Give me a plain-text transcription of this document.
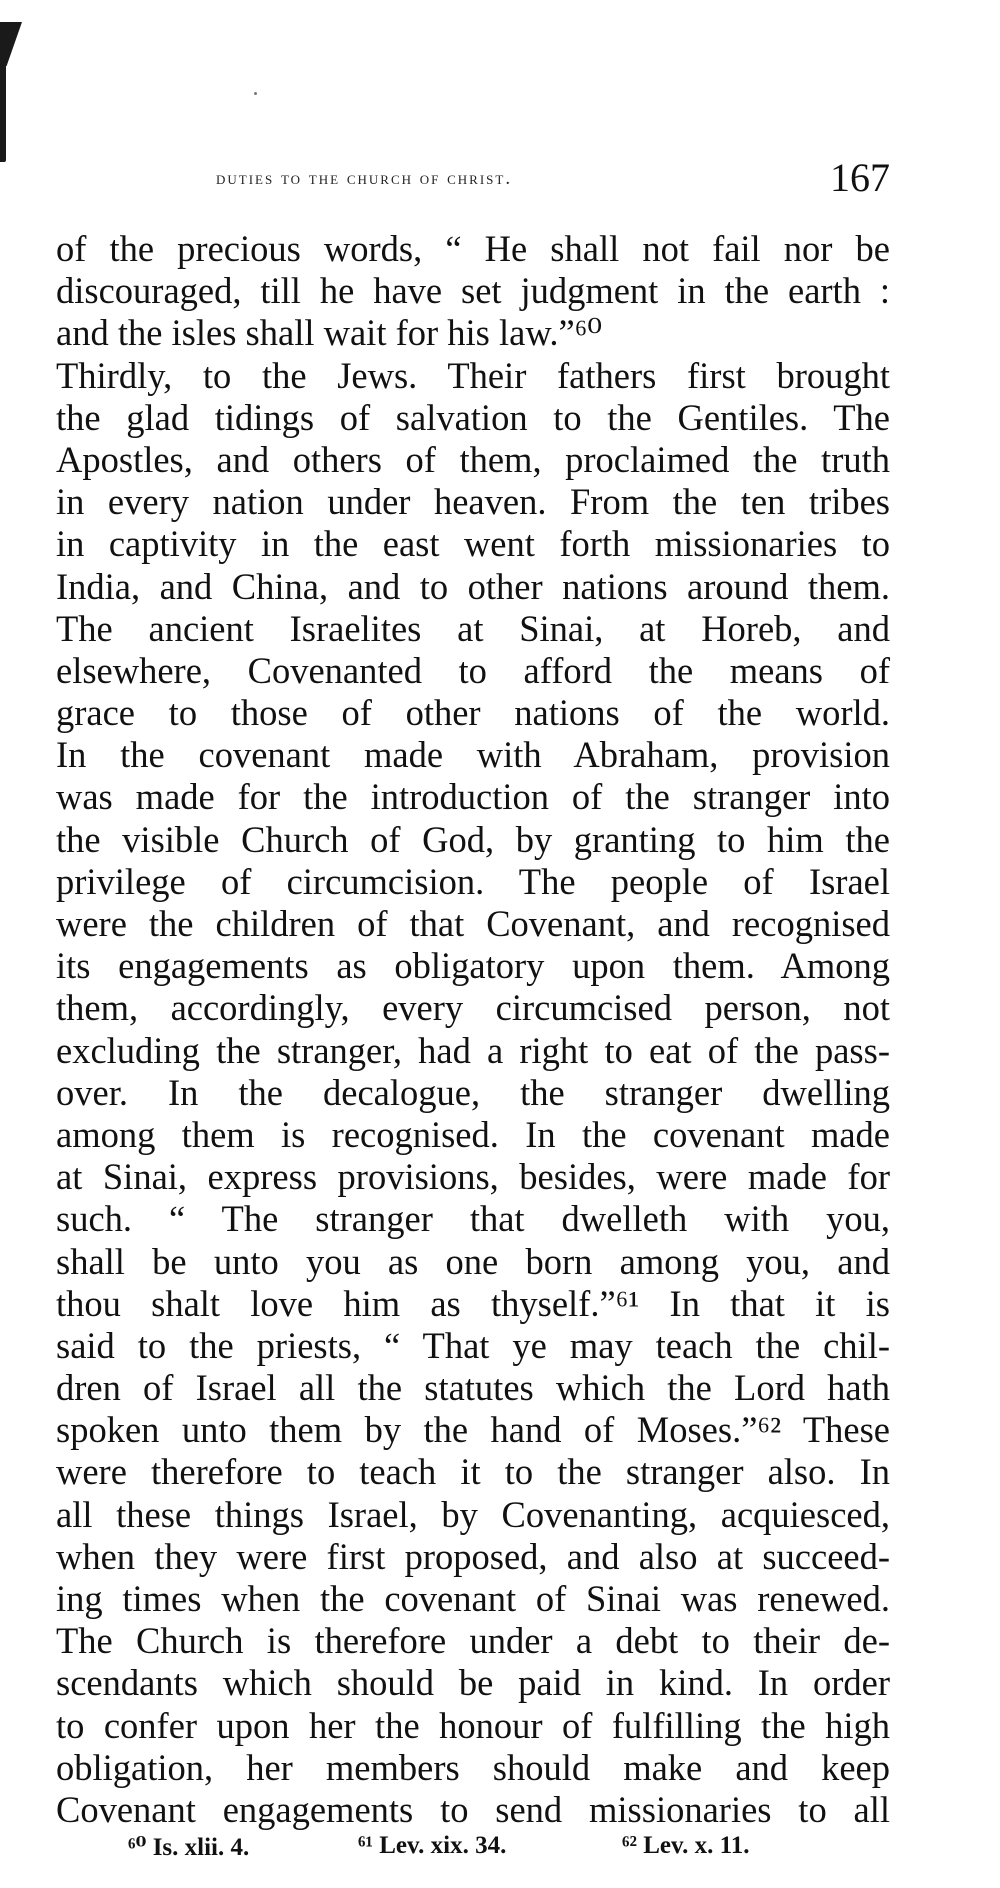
duties to the church of christ.	167
of the precious words, “ He shall not fail nor be
discouraged, till he have set judgment in the earth :
and the isles shall wait for his law.”⁶⁰
Thirdly, to the Jews. Their fathers first brought
the glad tidings of salvation to the Gentiles. The
Apostles, and others of them, proclaimed the truth
in every nation under heaven. From the ten tribes
in captivity in the east went forth missionaries to
India, and China, and to other nations around them.
The ancient Israelites at Sinai, at Horeb, and
elsewhere, Covenanted to afford the means of
grace to those of other nations of the world.
In the covenant made with Abraham, provision
was made for the introduction of the stranger into
the visible Church of God, by granting to him the
privilege of circumcision. The people of Israel
were the children of that Covenant, and recognised
its engagements as obligatory upon them. Among
them, accordingly, every circumcised person, not
excluding the stranger, had a right to eat of the pass-
over. In the decalogue, the stranger dwelling
among them is recognised. In the covenant made
at Sinai, express provisions, besides, were made for
such. “ The stranger that dwelleth with you,
shall be unto you as one born among you, and
thou shalt love him as thyself.”⁶¹ In that it is
said to the priests, “ That ye may teach the chil-
dren of Israel all the statutes which the Lord hath
spoken unto them by the hand of Moses.”⁶² These
were therefore to teach it to the stranger also. In
all these things Israel, by Covenanting, acquiesced,
when they were first proposed, and also at succeed-
ing times when the covenant of Sinai was renewed.
The Church is therefore under a debt to their de-
scendants which should be paid in kind. In order
to confer upon her the honour of fulfilling the high
obligation, her members should make and keep
Covenant engagements to send missionaries to all
⁶⁰ Is. xlii. 4.	⁶¹ Lev. xix. 34.	⁶² Lev. x. 11.
